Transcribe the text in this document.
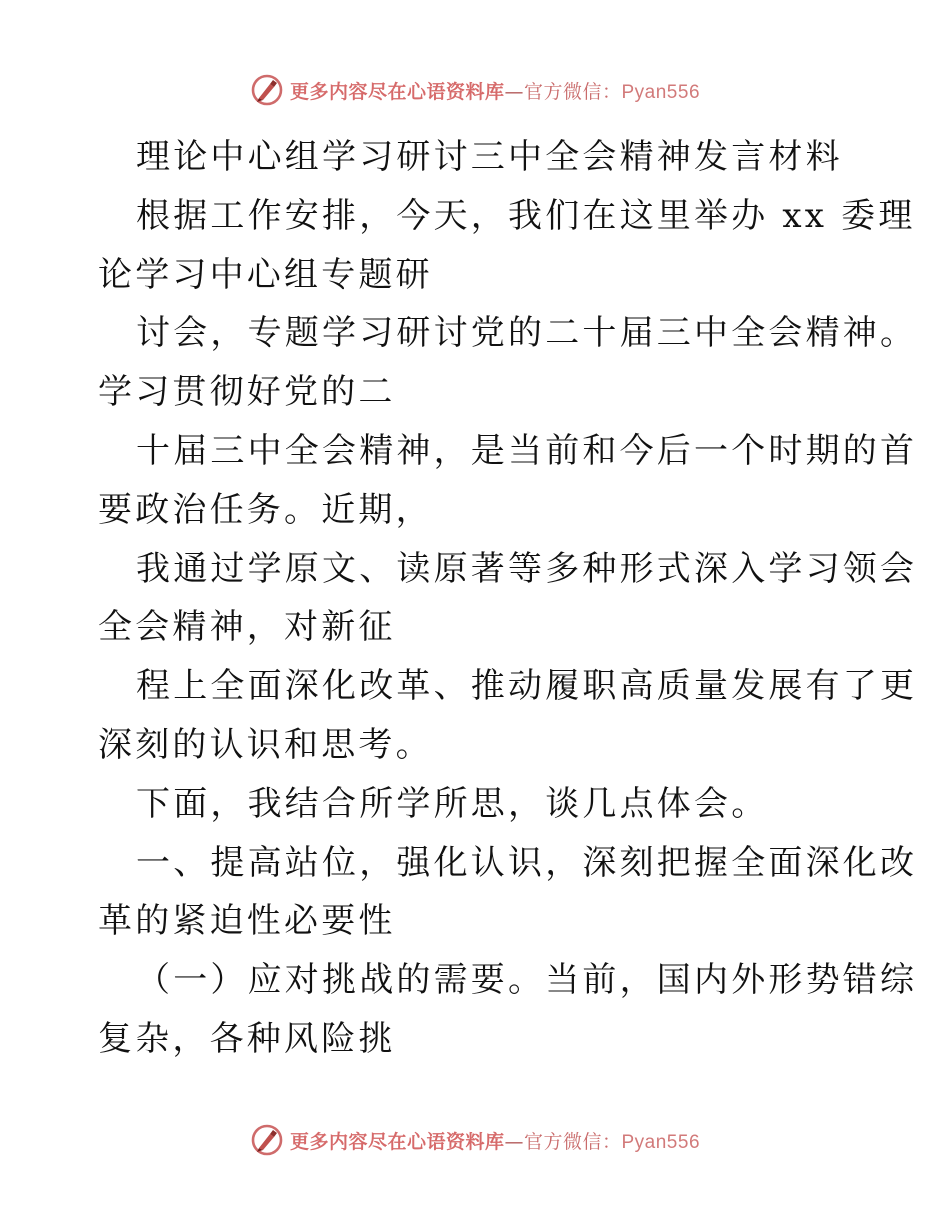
更多内容尽在心语资料库—官方微信：Pyan556
理论中心组学习研讨三中全会精神发言材料
根据工作安排，今天，我们在这里举办 xx 委理
论学习中心组专题研
讨会，专题学习研讨党的二十届三中全会精神。
学习贯彻好党的二
十届三中全会精神，是当前和今后一个时期的首
要政治任务。近期，
我通过学原文、读原著等多种形式深入学习领会
全会精神，对新征
程上全面深化改革、推动履职高质量发展有了更
深刻的认识和思考。
下面，我结合所学所思，谈几点体会。
一、提高站位，强化认识，深刻把握全面深化改
革的紧迫性必要性
（一）应对挑战的需要。当前，国内外形势错综
复杂，各种风险挑
更多内容尽在心语资料库—官方微信：Pyan556
